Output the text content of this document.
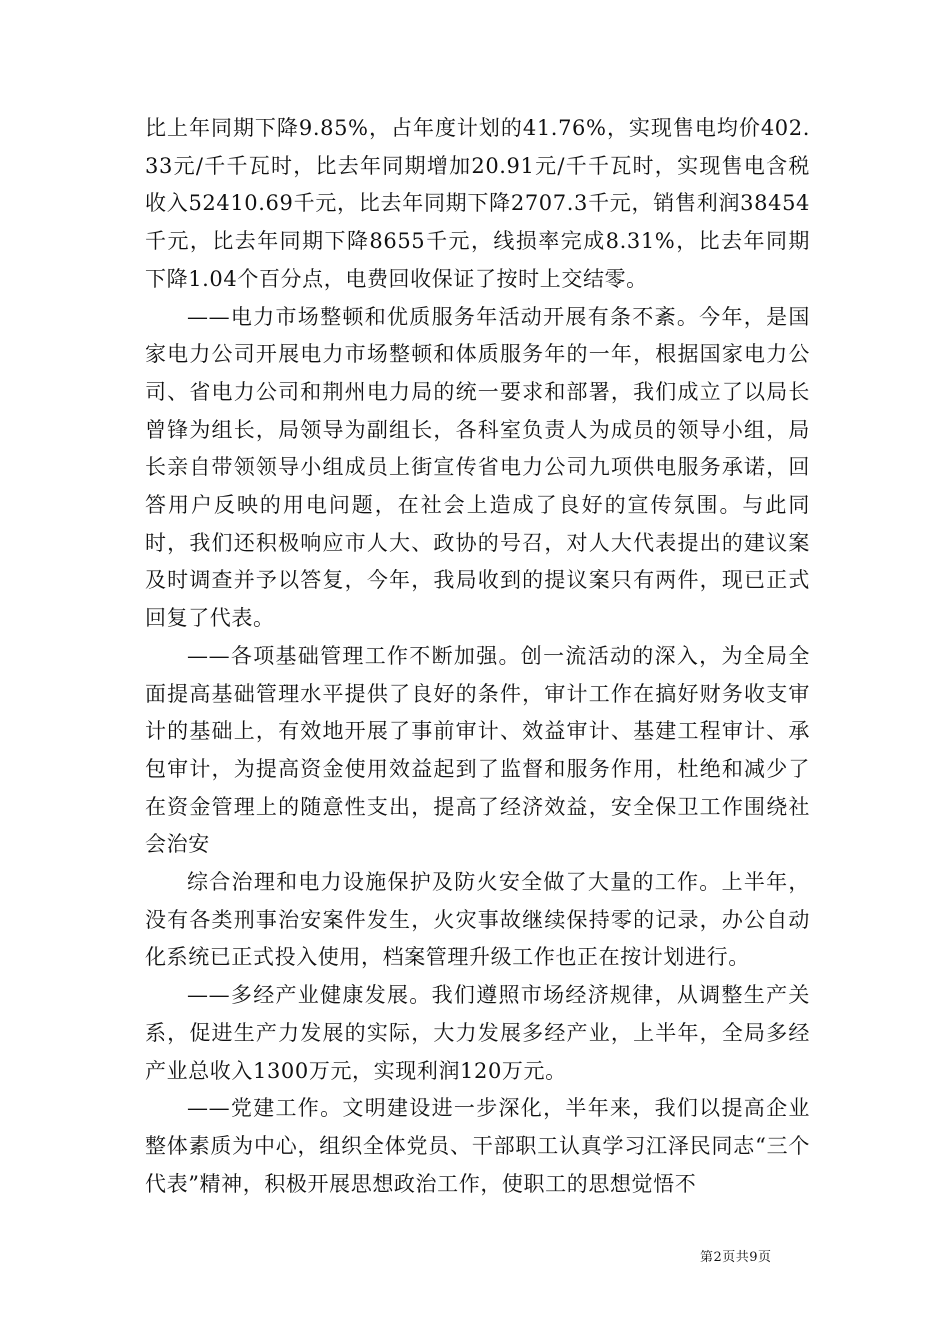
比上年同期下降9.85%，占年度计划的41.76%，实现售电均价402.33元/千千瓦时，比去年同期增加20.91元/千千瓦时，实现售电含税收入52410.69千元，比去年同期下降2707.3千元，销售利润38454千元，比去年同期下降8655千元，线损率完成8.31%，比去年同期下降1.04个百分点，电费回收保证了按时上交结零。

——电力市场整顿和优质服务年活动开展有条不紊。今年，是国家电力公司开展电力市场整顿和体质服务年的一年，根据国家电力公司、省电力公司和荆州电力局的统一要求和部署，我们成立了以局长曾锋为组长，局领导为副组长，各科室负责人为成员的领导小组，局长亲自带领领导小组成员上街宣传省电力公司九项供电服务承诺，回答用户反映的用电问题，在社会上造成了良好的宣传氛围。与此同时，我们还积极响应市人大、政协的号召，对人大代表提出的建议案及时调查并予以答复，今年，我局收到的提议案只有两件，现已正式回复了代表。

——各项基础管理工作不断加强。创一流活动的深入，为全局全面提高基础管理水平提供了良好的条件，审计工作在搞好财务收支审计的基础上，有效地开展了事前审计、效益审计、基建工程审计、承包审计，为提高资金使用效益起到了监督和服务作用，杜绝和减少了在资金管理上的随意性支出，提高了经济效益，安全保卫工作围绕社会治安

综合治理和电力设施保护及防火安全做了大量的工作。上半年，没有各类刑事治安案件发生，火灾事故继续保持零的记录，办公自动化系统已正式投入使用，档案管理升级工作也正在按计划进行。

——多经产业健康发展。我们遵照市场经济规律，从调整生产关系，促进生产力发展的实际，大力发展多经产业，上半年，全局多经产业总收入1300万元，实现利润120万元。

——党建工作。文明建设进一步深化，半年来，我们以提高企业整体素质为中心，组织全体党员、干部职工认真学习江泽民同志“三个代表”精神，积极开展思想政治工作，使职工的思想觉悟不

第2页共9页
